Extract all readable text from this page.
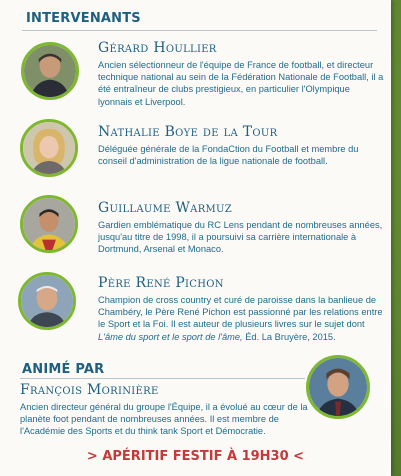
INTERVENANTS
Gérard Houllier
Ancien sélectionneur de l'équipe de France de football, et directeur technique national au sein de la Fédération Nationale de Football, il a été entraîneur de clubs prestigieux, en particulier l'Olympique lyonnais et Liverpool.
Nathalie Boye de la Tour
Déléguée générale de la FondaCtion du Football et membre du conseil d'administration de la ligue nationale de football.
Guillaume Warmuz
Gardien emblématique du RC Lens pendant de nombreuses années, jusqu'au titre de 1998, il a poursuivi sa carrière internationale à Dortmund, Arsenal et Monaco.
Père René Pichon
Champion de cross country et curé de paroisse dans la banlieue de Chambéry, le Père René Pichon est passionné par les relations entre le Sport et la Foi. Il est auteur de plusieurs livres sur le sujet dont L'âme du sport et le sport de l'âme, Éd. La Bruyère, 2015.
ANIMÉ PAR
François Morinière
Ancien directeur général du groupe l'Équipe, il a évolué au cœur de la planète foot pendant de nombreuses années. Il est membre de l'Académie des Sports et du think tank Sport et Démocratie.
> APÉRITIF FESTIF À 19H30 <
